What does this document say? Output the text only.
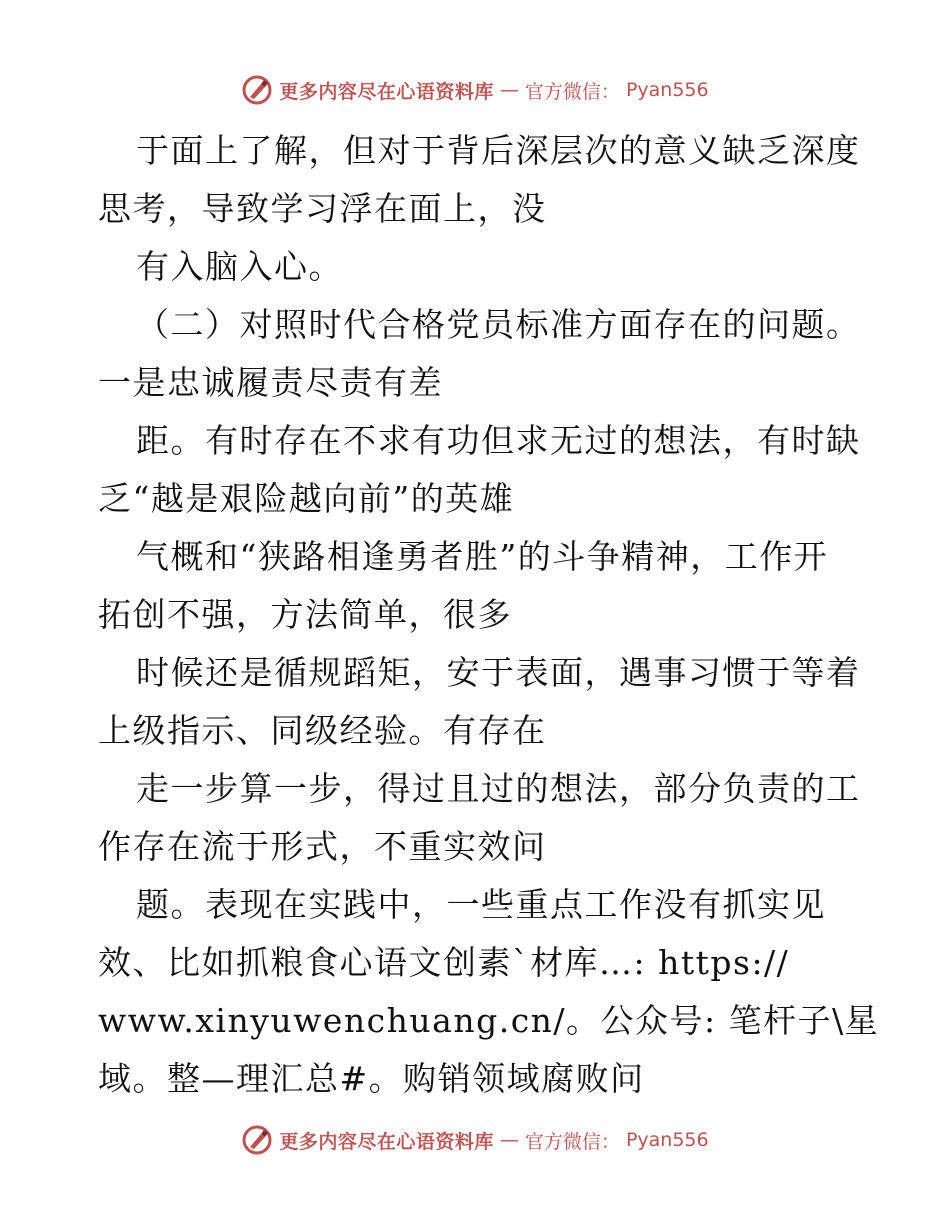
更多内容尽在心语资料库 — 官方微信： Pyan556
于面上了解，但对于背后深层次的意义缺乏深度
思考，导致学习浮在面上，没
有入脑入心。
（二）对照时代合格党员标准方面存在的问题。
一是忠诚履责尽责有差
距。有时存在不求有功但求无过的想法，有时缺
乏“越是艰险越向前”的英雄
气概和“狭路相逢勇者胜”的斗争精神，工作开
拓创不强，方法简单，很多
时候还是循规蹈矩，安于表面，遇事习惯于等着
上级指示、同级经验。有存在
走一步算一步，得过且过的想法，部分负责的工
作存在流于形式，不重实效问
题。表现在实践中，一些重点工作没有抓实见
效、比如抓粮食心语文创素`材库…: https://
www.xinyuwenchuang.cn/。公众号: 笔杆子\星
域。整—理汇总#。购销领域腐败问
更多内容尽在心语资料库 — 官方微信： Pyan556
